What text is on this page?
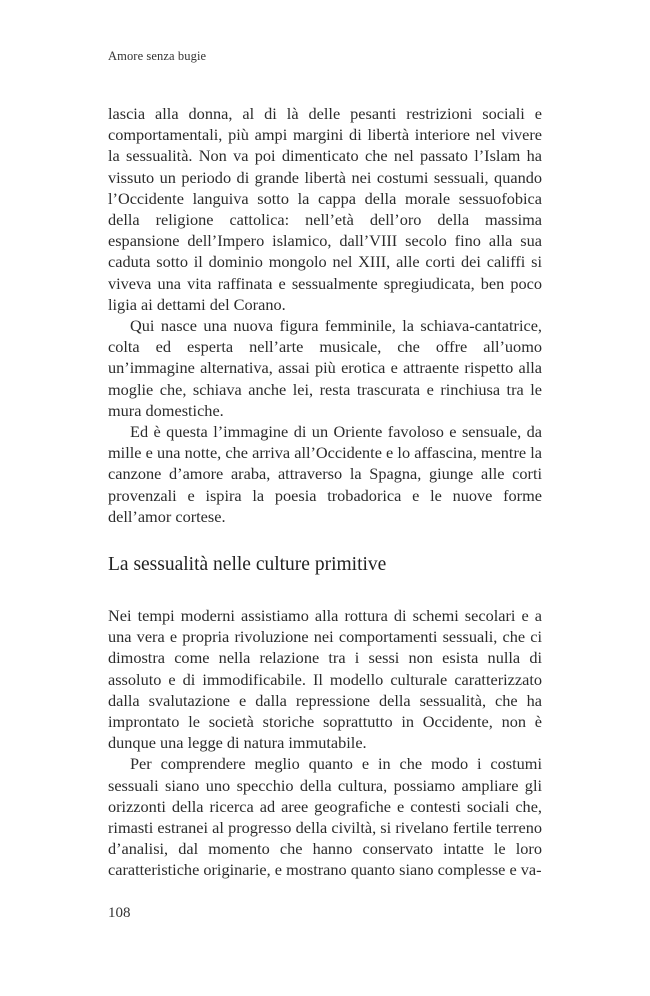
Amore senza bugie

lascia alla donna, al di là delle pesanti restrizioni sociali e comportamentali, più ampi margini di libertà interiore nel vivere la sessualità. Non va poi dimenticato che nel passato l’Islam ha vissuto un periodo di grande libertà nei costumi sessuali, quando l’Occidente languiva sotto la cappa della morale sessuofobica della religione cattolica: nell’età dell’oro della massima espansione dell’Impero islamico, dall’VIII secolo fino alla sua caduta sotto il dominio mongolo nel XIII, alle corti dei califfi si viveva una vita raffinata e sessualmente spregiudicata, ben poco ligia ai dettami del Corano.

Qui nasce una nuova figura femminile, la schiava-cantatrice, colta ed esperta nell’arte musicale, che offre all’uomo un’immagine alternativa, assai più erotica e attraente rispetto alla moglie che, schiava anche lei, resta trascurata e rinchiusa tra le mura domestiche.

Ed è questa l’immagine di un Oriente favoloso e sensuale, da mille e una notte, che arriva all’Occidente e lo affascina, mentre la canzone d’amore araba, attraverso la Spagna, giunge alle corti provenzali e ispira la poesia trobadorica e le nuove forme dell’amor cortese.

La sessualità nelle culture primitive

Nei tempi moderni assistiamo alla rottura di schemi secolari e a una vera e propria rivoluzione nei comportamenti sessuali, che ci dimostra come nella relazione tra i sessi non esista nulla di assoluto e di immodificabile. Il modello culturale caratterizzato dalla svalutazione e dalla repressione della sessualità, che ha improntato le società storiche soprattutto in Occidente, non è dunque una legge di natura immutabile.

Per comprendere meglio quanto e in che modo i costumi sessuali siano uno specchio della cultura, possiamo ampliare gli orizzonti della ricerca ad aree geografiche e contesti sociali che, rimasti estranei al progresso della civiltà, si rivelano fertile terreno d’analisi, dal momento che hanno conservato intatte le loro caratteristiche originarie, e mostrano quanto siano complesse e va-

108
